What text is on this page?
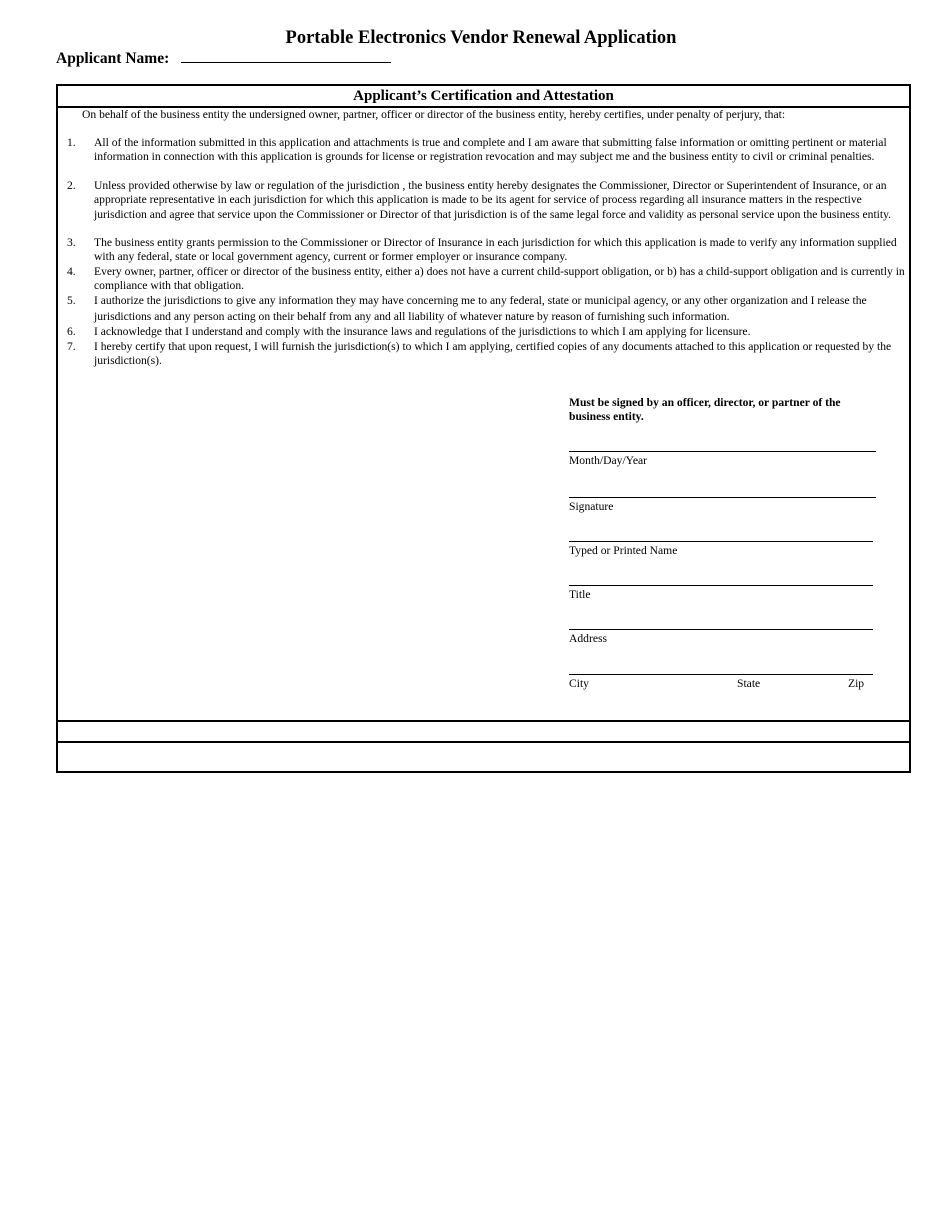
Portable Electronics Vendor Renewal Application
Applicant Name:
Applicant’s Certification and Attestation
On behalf of the business entity the undersigned owner, partner, officer or director of the business entity, hereby certifies, under penalty of perjury, that:
1. All of the information submitted in this application and attachments is true and complete and I am aware that submitting false information or omitting pertinent or material information in connection with this application is grounds for license or registration revocation and may subject me and the business entity to civil or criminal penalties.
2. Unless provided otherwise by law or regulation of the jurisdiction , the business entity hereby designates the Commissioner, Director or Superintendent of Insurance, or an appropriate representative in each jurisdiction for which this application is made to be its agent for service of process regarding all insurance matters in the respective jurisdiction and agree that service upon the Commissioner or Director of that jurisdiction is of the same legal force and validity as personal service upon the business entity.
3. The business entity grants permission to the Commissioner or Director of Insurance in each jurisdiction for which this application is made to verify any information supplied with any federal, state or local government agency, current or former employer or insurance company.
4. Every owner, partner, officer or director of the business entity, either a) does not have a current child-support obligation, or b) has a child-support obligation and is currently in compliance with that obligation.
5. I authorize the jurisdictions to give any information they may have concerning me to any federal, state or municipal agency, or any other organization and I release the jurisdictions and any person acting on their behalf from any and all liability of whatever nature by reason of furnishing such information.
6. I acknowledge that I understand and comply with the insurance laws and regulations of the jurisdictions to which I am applying for licensure.
7. I hereby certify that upon request, I will furnish the jurisdiction(s) to which I am applying, certified copies of any documents attached to this application or requested by the jurisdiction(s).
Must be signed by an officer, director, or partner of the business entity.
Month/Day/Year
Signature
Typed or Printed Name
Title
Address
City	State	Zip
